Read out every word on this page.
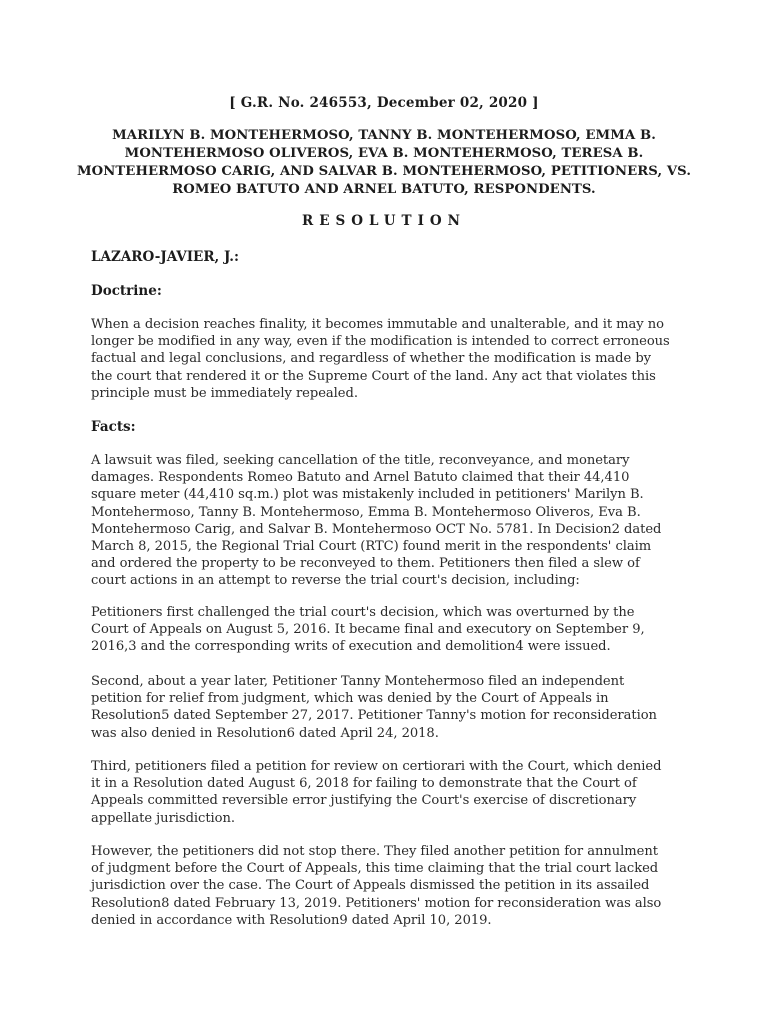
[ G.R. No. 246553, December 02, 2020 ]
MARILYN B. MONTEHERMOSO, TANNY B. MONTEHERMOSO, EMMA B. MONTEHERMOSO OLIVEROS, EVA B. MONTEHERMOSO, TERESA B. MONTEHERMOSO CARIG, AND SALVAR B. MONTEHERMOSO, PETITIONERS, VS. ROMEO BATUTO AND ARNEL BATUTO, RESPONDENTS.
RESOLUTION
LAZARO-JAVIER, J.:
Doctrine:
When a decision reaches finality, it becomes immutable and unalterable, and it may no longer be modified in any way, even if the modification is intended to correct erroneous factual and legal conclusions, and regardless of whether the modification is made by the court that rendered it or the Supreme Court of the land. Any act that violates this principle must be immediately repealed.
Facts:
A lawsuit was filed, seeking cancellation of the title, reconveyance, and monetary damages. Respondents Romeo Batuto and Arnel Batuto claimed that their 44,410 square meter (44,410 sq.m.) plot was mistakenly included in petitioners' Marilyn B. Montehermoso, Tanny B. Montehermoso, Emma B. Montehermoso Oliveros, Eva B. Montehermoso Carig, and Salvar B. Montehermoso OCT No. 5781. In Decision2 dated March 8, 2015, the Regional Trial Court (RTC) found merit in the respondents' claim and ordered the property to be reconveyed to them. Petitioners then filed a slew of court actions in an attempt to reverse the trial court's decision, including:
Petitioners first challenged the trial court's decision, which was overturned by the Court of Appeals on August 5, 2016. It became final and executory on September 9, 2016,3 and the corresponding writs of execution and demolition4 were issued.
Second, about a year later, Petitioner Tanny Montehermoso filed an independent petition for relief from judgment, which was denied by the Court of Appeals in Resolution5 dated September 27, 2017. Petitioner Tanny's motion for reconsideration was also denied in Resolution6 dated April 24, 2018.
Third, petitioners filed a petition for review on certiorari with the Court, which denied it in a Resolution dated August 6, 2018 for failing to demonstrate that the Court of Appeals committed reversible error justifying the Court's exercise of discretionary appellate jurisdiction.
However, the petitioners did not stop there. They filed another petition for annulment of judgment before the Court of Appeals, this time claiming that the trial court lacked jurisdiction over the case. The Court of Appeals dismissed the petition in its assailed Resolution8 dated February 13, 2019. Petitioners' motion for reconsideration was also denied in accordance with Resolution9 dated April 10, 2019.
